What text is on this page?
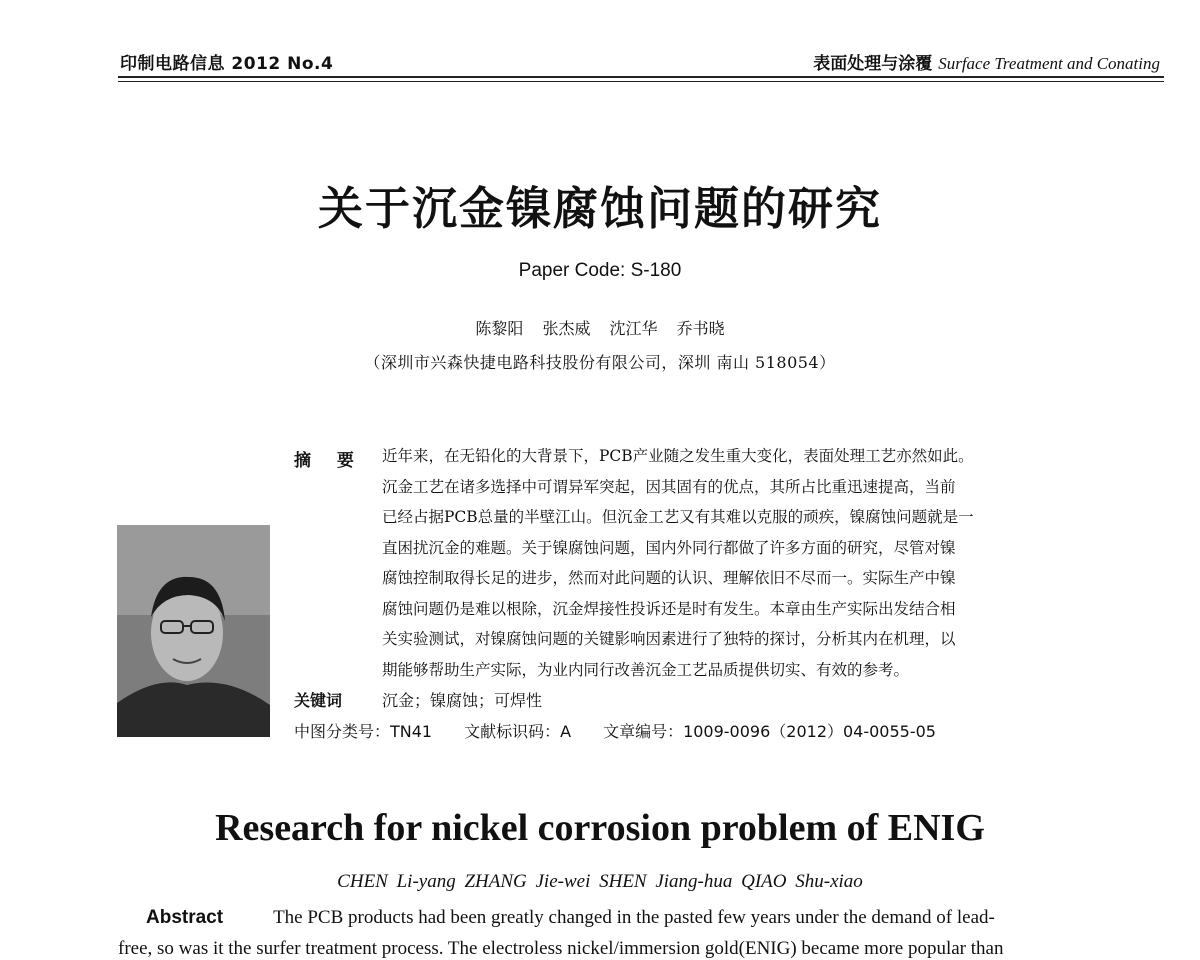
印制电路信息 2012 No.4	表面处理与涂覆 Surface Treatment and Conating
关于沉金镍腐蚀问题的研究
Paper Code: S-180
陈黎阳 张杰威 沈江华 乔书晓
（深圳市兴森快捷电路科技股份有限公司，深圳 南山 518054）
摘 要 近年来，在无铅化的大背景下，PCB产业随之发生重大变化，表面处理工艺亦然如此。
沉金工艺在诸多选择中可谓异军突起，因其固有的优点，其所占比重迅速提高，当前
已经占据PCB总量的半壁江山。但沉金工艺又有其难以克服的顽疾，镍腐蚀问题就是一
直困扰沉金的难题。关于镍腐蚀问题，国内外同行都做了许多方面的研究，尽管对镍
腐蚀控制取得长足的进步，然而对此问题的认识、理解依旧不尽而一。实际生产中镍
腐蚀问题仍是难以根除，沉金焊接性投诉还是时有发生。本章由生产实际出发结合相
关实验测试，对镍腐蚀问题的关键影响因素进行了独特的探讨，分析其内在机理，以
期能够帮助生产实际，为业内同行改善沉金工艺品质提供切实、有效的参考。
关键词 沉金；镍腐蚀；可焊性
中图分类号：TN41 文献标识码：A 文章编号：1009-0096（2012）04-0055-05
Research for nickel corrosion problem of ENIG
CHEN Li-yang ZHANG Jie-wei SHEN Jiang-hua QIAO Shu-xiao
Abstract	The PCB products had been greatly changed in the pasted few years under the demand of lead-
free, so was it the surfer treatment process. The electroless nickel/immersion gold(ENIG) became more popular than
